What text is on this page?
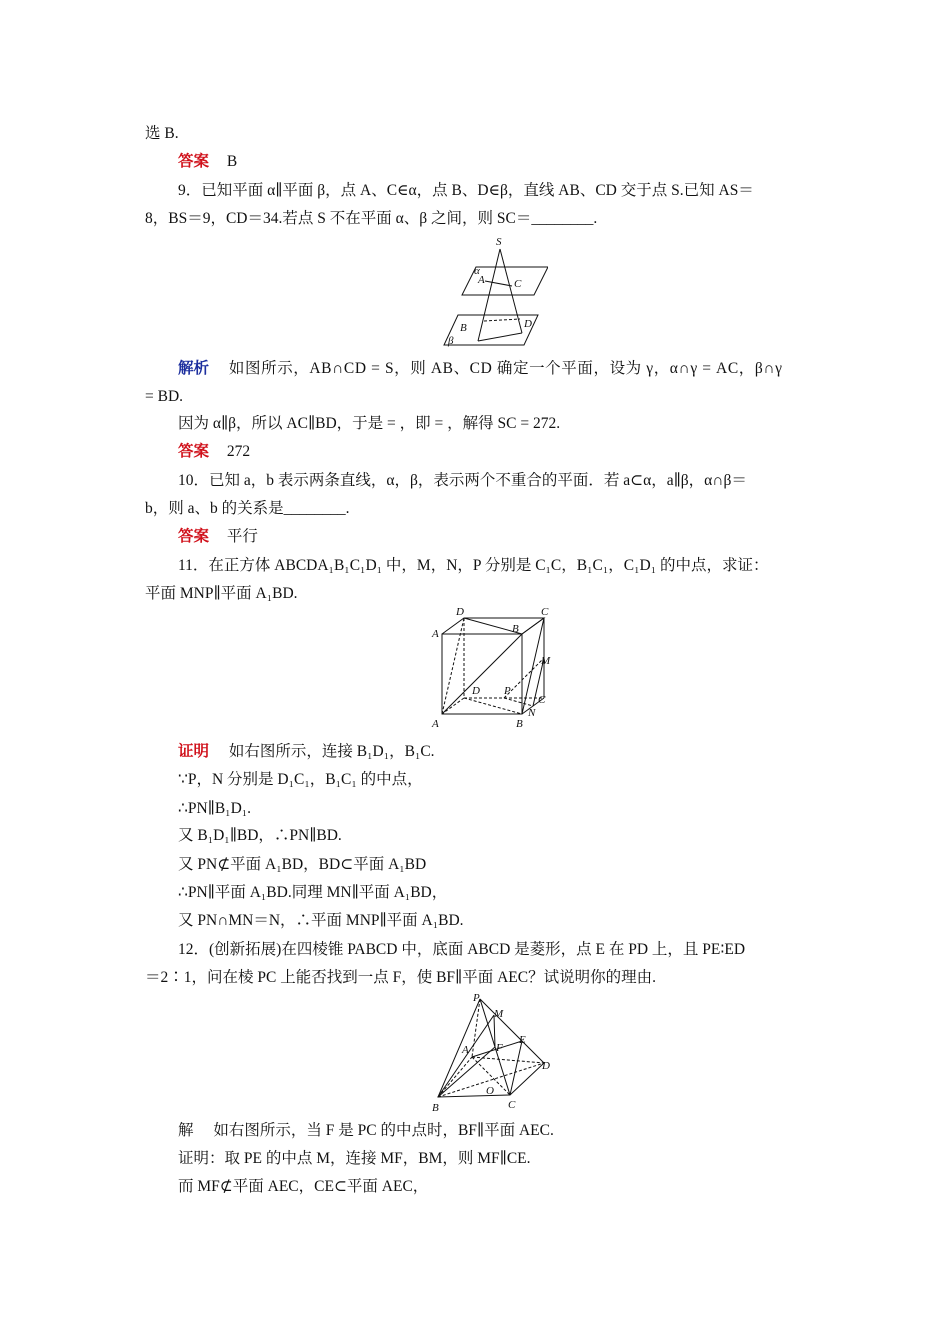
选 B.
答案 B
9．已知平面 α∥平面 β，点 A、C∈α，点 B、D∈β，直线 AB、CD 交于点 S.已知 AS＝
8，BS＝9，CD＝34.若点 S 不在平面 α、β 之间，则 SC＝________.
S
α
A	C
B	D
β
解析 如图所示，AB∩CD = S，则 AB、CD 确定一个平面，设为 γ，α∩γ = AC，β∩γ
= BD.
因为 α∥β，所以 AC∥BD，于是 = ，即 = ，解得 SC = 272.
答案 272
10．已知 a，b 表示两条直线，α，β，表示两个不重合的平面．若 a⊂α，a∥β，α∩β＝
b，则 a、b 的关系是________.
答案 平行
11．在正方体 ABCDA₁B₁C₁D₁ 中，M，N，P 分别是 C₁C，B₁C₁，C₁D₁ 的中点，求证：
平面 MNP∥平面 A₁BD.
D	C
A	B
M
D P
C
A
N
B
证明 如右图所示，连接 B₁D₁，B₁C.
∵P，N 分别是 D₁C₁，B₁C₁ 的中点，
∴PN∥B₁D₁.
又 B₁D₁∥BD，∴PN∥BD.
又 PN⊄平面 A₁BD，BD⊂平面 A₁BD
∴PN∥平面 A₁BD.同理 MN∥平面 A₁BD，
又 PN∩MN＝N，∴平面 MNP∥平面 A₁BD.
12．(创新拓展)在四棱锥 PABCD 中，底面 ABCD 是菱形，点 E 在 PD 上，且 PE∶ED
＝2∶1，问在棱 PC 上能否找到一点 F，使 BF∥平面 AEC？试说明你的理由.
P
M
E
A F
D
O
B	C
解 如右图所示，当 F 是 PC 的中点时，BF∥平面 AEC.
证明：取 PE 的中点 M，连接 MF，BM，则 MF∥CE.
而 MF⊄平面 AEC，CE⊂平面 AEC，
